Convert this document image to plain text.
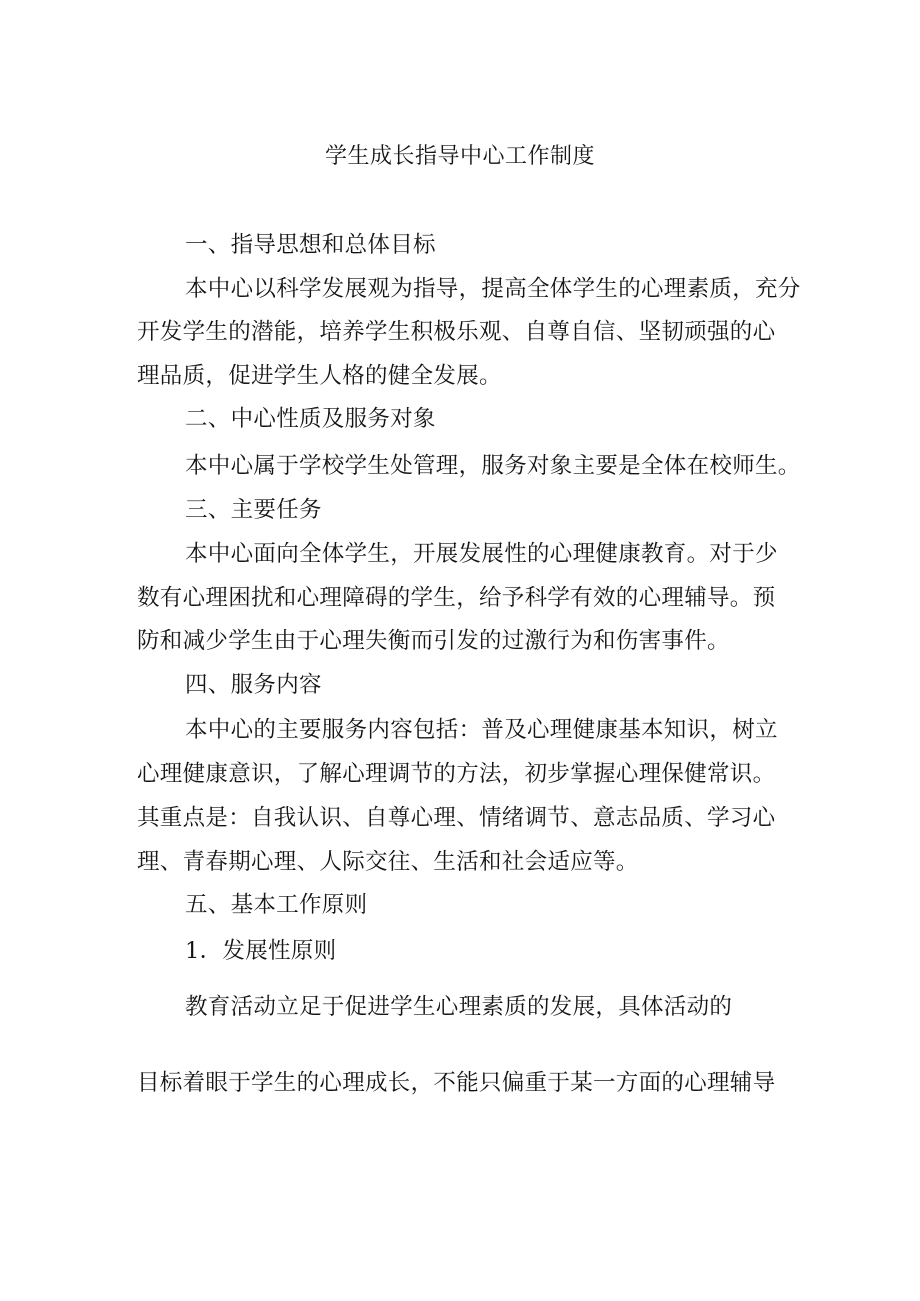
学生成长指导中心工作制度
一、指导思想和总体目标
本中心以科学发展观为指导，提高全体学生的心理素质，充分
开发学生的潜能，培养学生积极乐观、自尊自信、坚韧顽强的心
理品质，促进学生人格的健全发展。
二、中心性质及服务对象
本中心属于学校学生处管理，服务对象主要是全体在校师生。
三、主要任务
本中心面向全体学生，开展发展性的心理健康教育。对于少
数有心理困扰和心理障碍的学生，给予科学有效的心理辅导。预
防和减少学生由于心理失衡而引发的过激行为和伤害事件。
四、服务内容
本中心的主要服务内容包括：普及心理健康基本知识，树立
心理健康意识，了解心理调节的方法，初步掌握心理保健常识。
其重点是：自我认识、自尊心理、情绪调节、意志品质、学习心
理、青春期心理、人际交往、生活和社会适应等。
五、基本工作原则
1．发展性原则
教育活动立足于促进学生心理素质的发展，具体活动的
目标着眼于学生的心理成长，不能只偏重于某一方面的心理辅导
